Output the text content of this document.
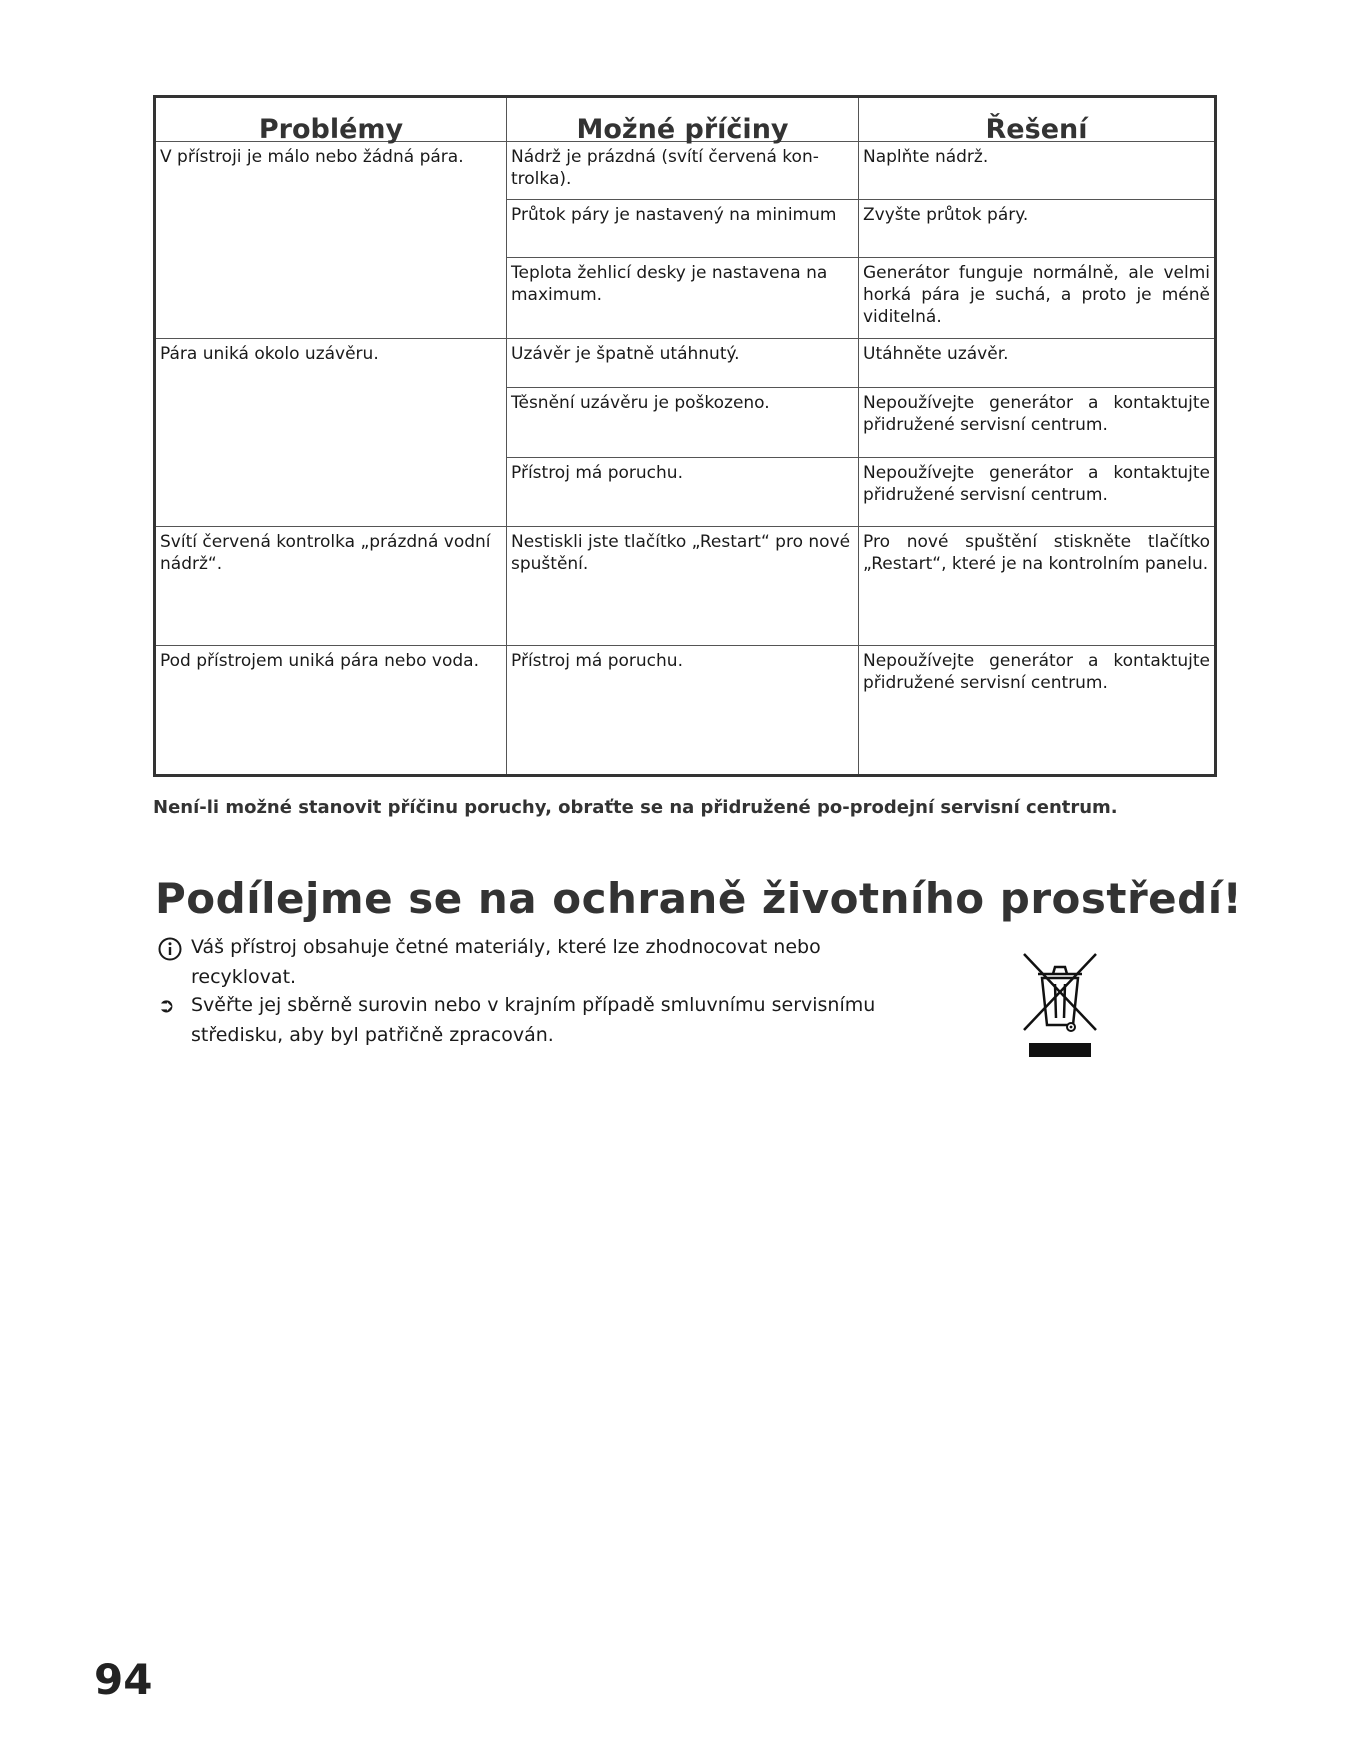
Problémy	Možné příčiny	Řešení
V přístroji je málo nebo žádná pára.	Nádrž je prázdná (svítí červená kon-trolka).	Naplňte nádrž.
	Průtok páry je nastavený na minimum	Zvyšte průtok páry.
	Teplota žehlicí desky je nastavena na maximum.	Generátor funguje normálně, ale velmi horká pára je suchá, a proto je méně viditelná.
Pára uniká okolo uzávěru.	Uzávěr je špatně utáhnutý.	Utáhněte uzávěr.
	Těsnění uzávěru je poškozeno.	Nepoužívejte generátor a kontaktujte přidružené servisní centrum.
	Přístroj má poruchu.	Nepoužívejte generátor a kontaktujte přidružené servisní centrum.
Svítí červená kontrolka „prázdná vodní nádrž“.	Nestiskli jste tlačítko „Restart“ pro nové spuštění.	Pro nové spuštění stiskněte tlačítko „Restart“, které je na kontrolním panelu.
Pod přístrojem uniká pára nebo voda.	Přístroj má poruchu.	Nepoužívejte generátor a kontaktujte přidružené servisní centrum.

Není-li možné stanovit příčinu poruchy, obraťte se na přidružené po-prodejní servisní centrum.

Podílejme se na ochraně životního prostředí!
Váš přístroj obsahuje četné materiály, které lze zhodnocovat nebo recyklovat.
➲ Svěřte jej sběrně surovin nebo v krajním případě smluvnímu servisnímu středisku, aby byl patřičně zpracován.

94
